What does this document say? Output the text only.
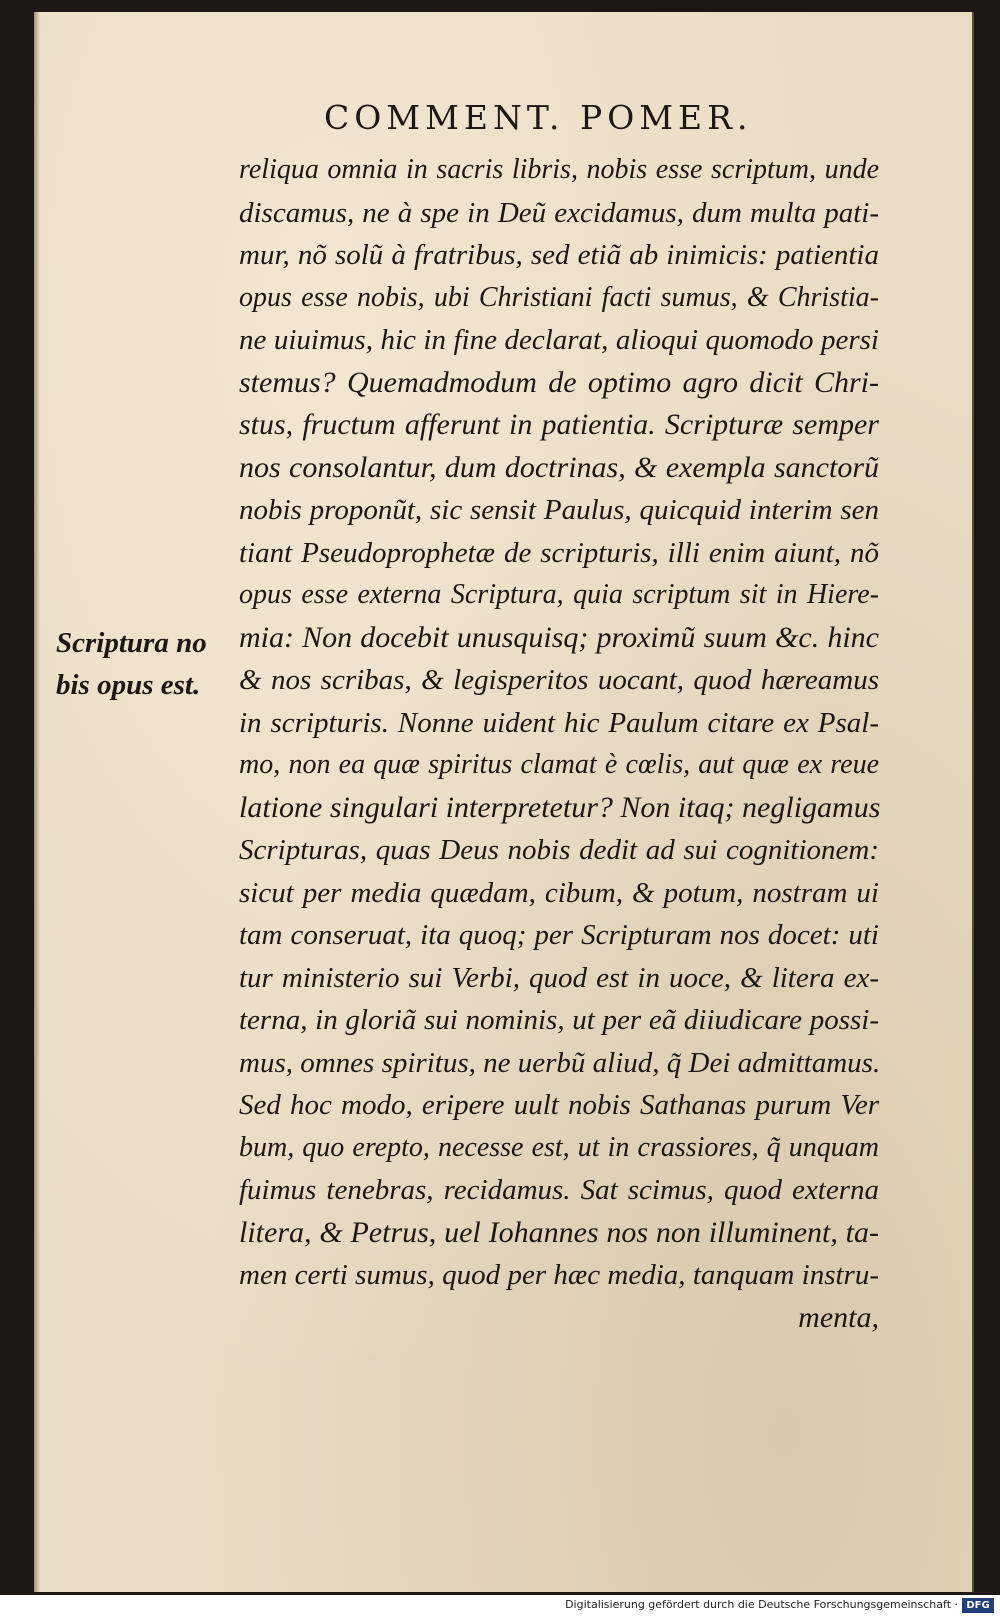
COMMENT. POMER.
Scriptura no
bis opus est.
reliqua omnia in sacris libris, nobis esse scriptum, unde
discamus, ne à spe in Deũ excidamus, dum multa pati-
mur, nõ solũ à fratribus, sed etiã ab inimicis: patientia
opus esse nobis, ubi Christiani facti sumus, & Christia-
ne uiuimus, hic in fine declarat, alioqui quomodo persi
stemus? Quemadmodum de optimo agro dicit Chri-
stus, fructum afferunt in patientia. Scripturæ semper
nos consolantur, dum doctrinas, & exempla sanctorũ
nobis proponũt, sic sensit Paulus, quicquid interim sen
tiant Pseudoprophetæ de scripturis, illi enim aiunt, nõ
opus esse externa Scriptura, quia scriptum sit in Hiere-
mia: Non docebit unusquisq; proximũ suum &c. hinc
& nos scribas, & legisperitos uocant, quod hæreamus
in scripturis. Nonne uident hic Paulum citare ex Psal-
mo, non ea quæ spiritus clamat è cœlis, aut quæ ex reue
latione singulari interpretetur? Non itaq; negligamus
Scripturas, quas Deus nobis dedit ad sui cognitionem:
sicut per media quædam, cibum, & potum, nostram ui
tam conseruat, ita quoq; per Scripturam nos docet: uti
tur ministerio sui Verbi, quod est in uoce, & litera ex-
terna, in gloriã sui nominis, ut per eã diiudicare possi-
mus, omnes spiritus, ne uerbũ aliud, q̃ Dei admittamus.
Sed hoc modo, eripere uult nobis Sathanas purum Ver
bum, quo erepto, necesse est, ut in crassiores, q̃ unquam
fuimus tenebras, recidamus. Sat scimus, quod externa
litera, & Petrus, uel Iohannes nos non illuminent, ta-
men certi sumus, quod per hæc media, tanquam instru-
menta,
Digitalisierung gefördert durch die Deutsche Forschungsgemeinschaft · DFG
